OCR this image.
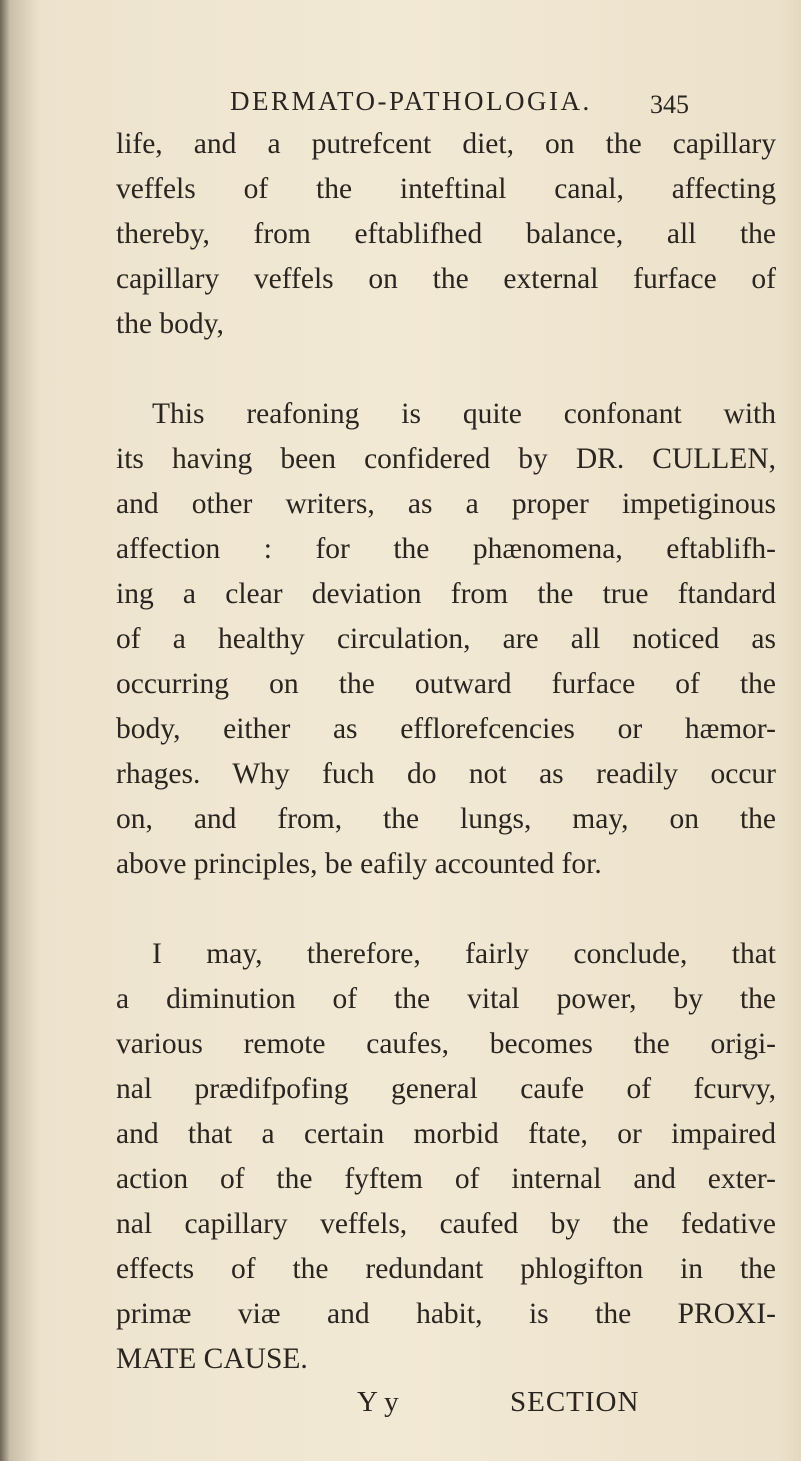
DERMATO-PATHOLOGIA. 345
life, and a putrefcent diet, on the capillary
veffels of the inteftinal canal, affecting
thereby, from eftablifhed balance, all the
capillary veffels on the external furface of
the body,
This reafoning is quite confonant with
its having been confidered by DR. CULLEN,
and other writers, as a proper impetiginous
affection : for the phænomena, eftablifh-
ing a clear deviation from the true ftandard
of a healthy circulation, are all noticed as
occurring on the outward furface of the
body, either as efflorefcencies or hæmor-
rhages. Why fuch do not as readily occur
on, and from, the lungs, may, on the
above principles, be eafily accounted for.
I may, therefore, fairly conclude, that
a diminution of the vital power, by the
various remote caufes, becomes the origi-
nal prædifpofing general caufe of fcurvy,
and that a certain morbid ftate, or impaired
action of the fyftem of internal and exter-
nal capillary veffels, caufed by the fedative
effects of the redundant phlogifton in the
primæ viæ and habit, is the PROXI-
MATE CAUSE.
Y y	SECTION
